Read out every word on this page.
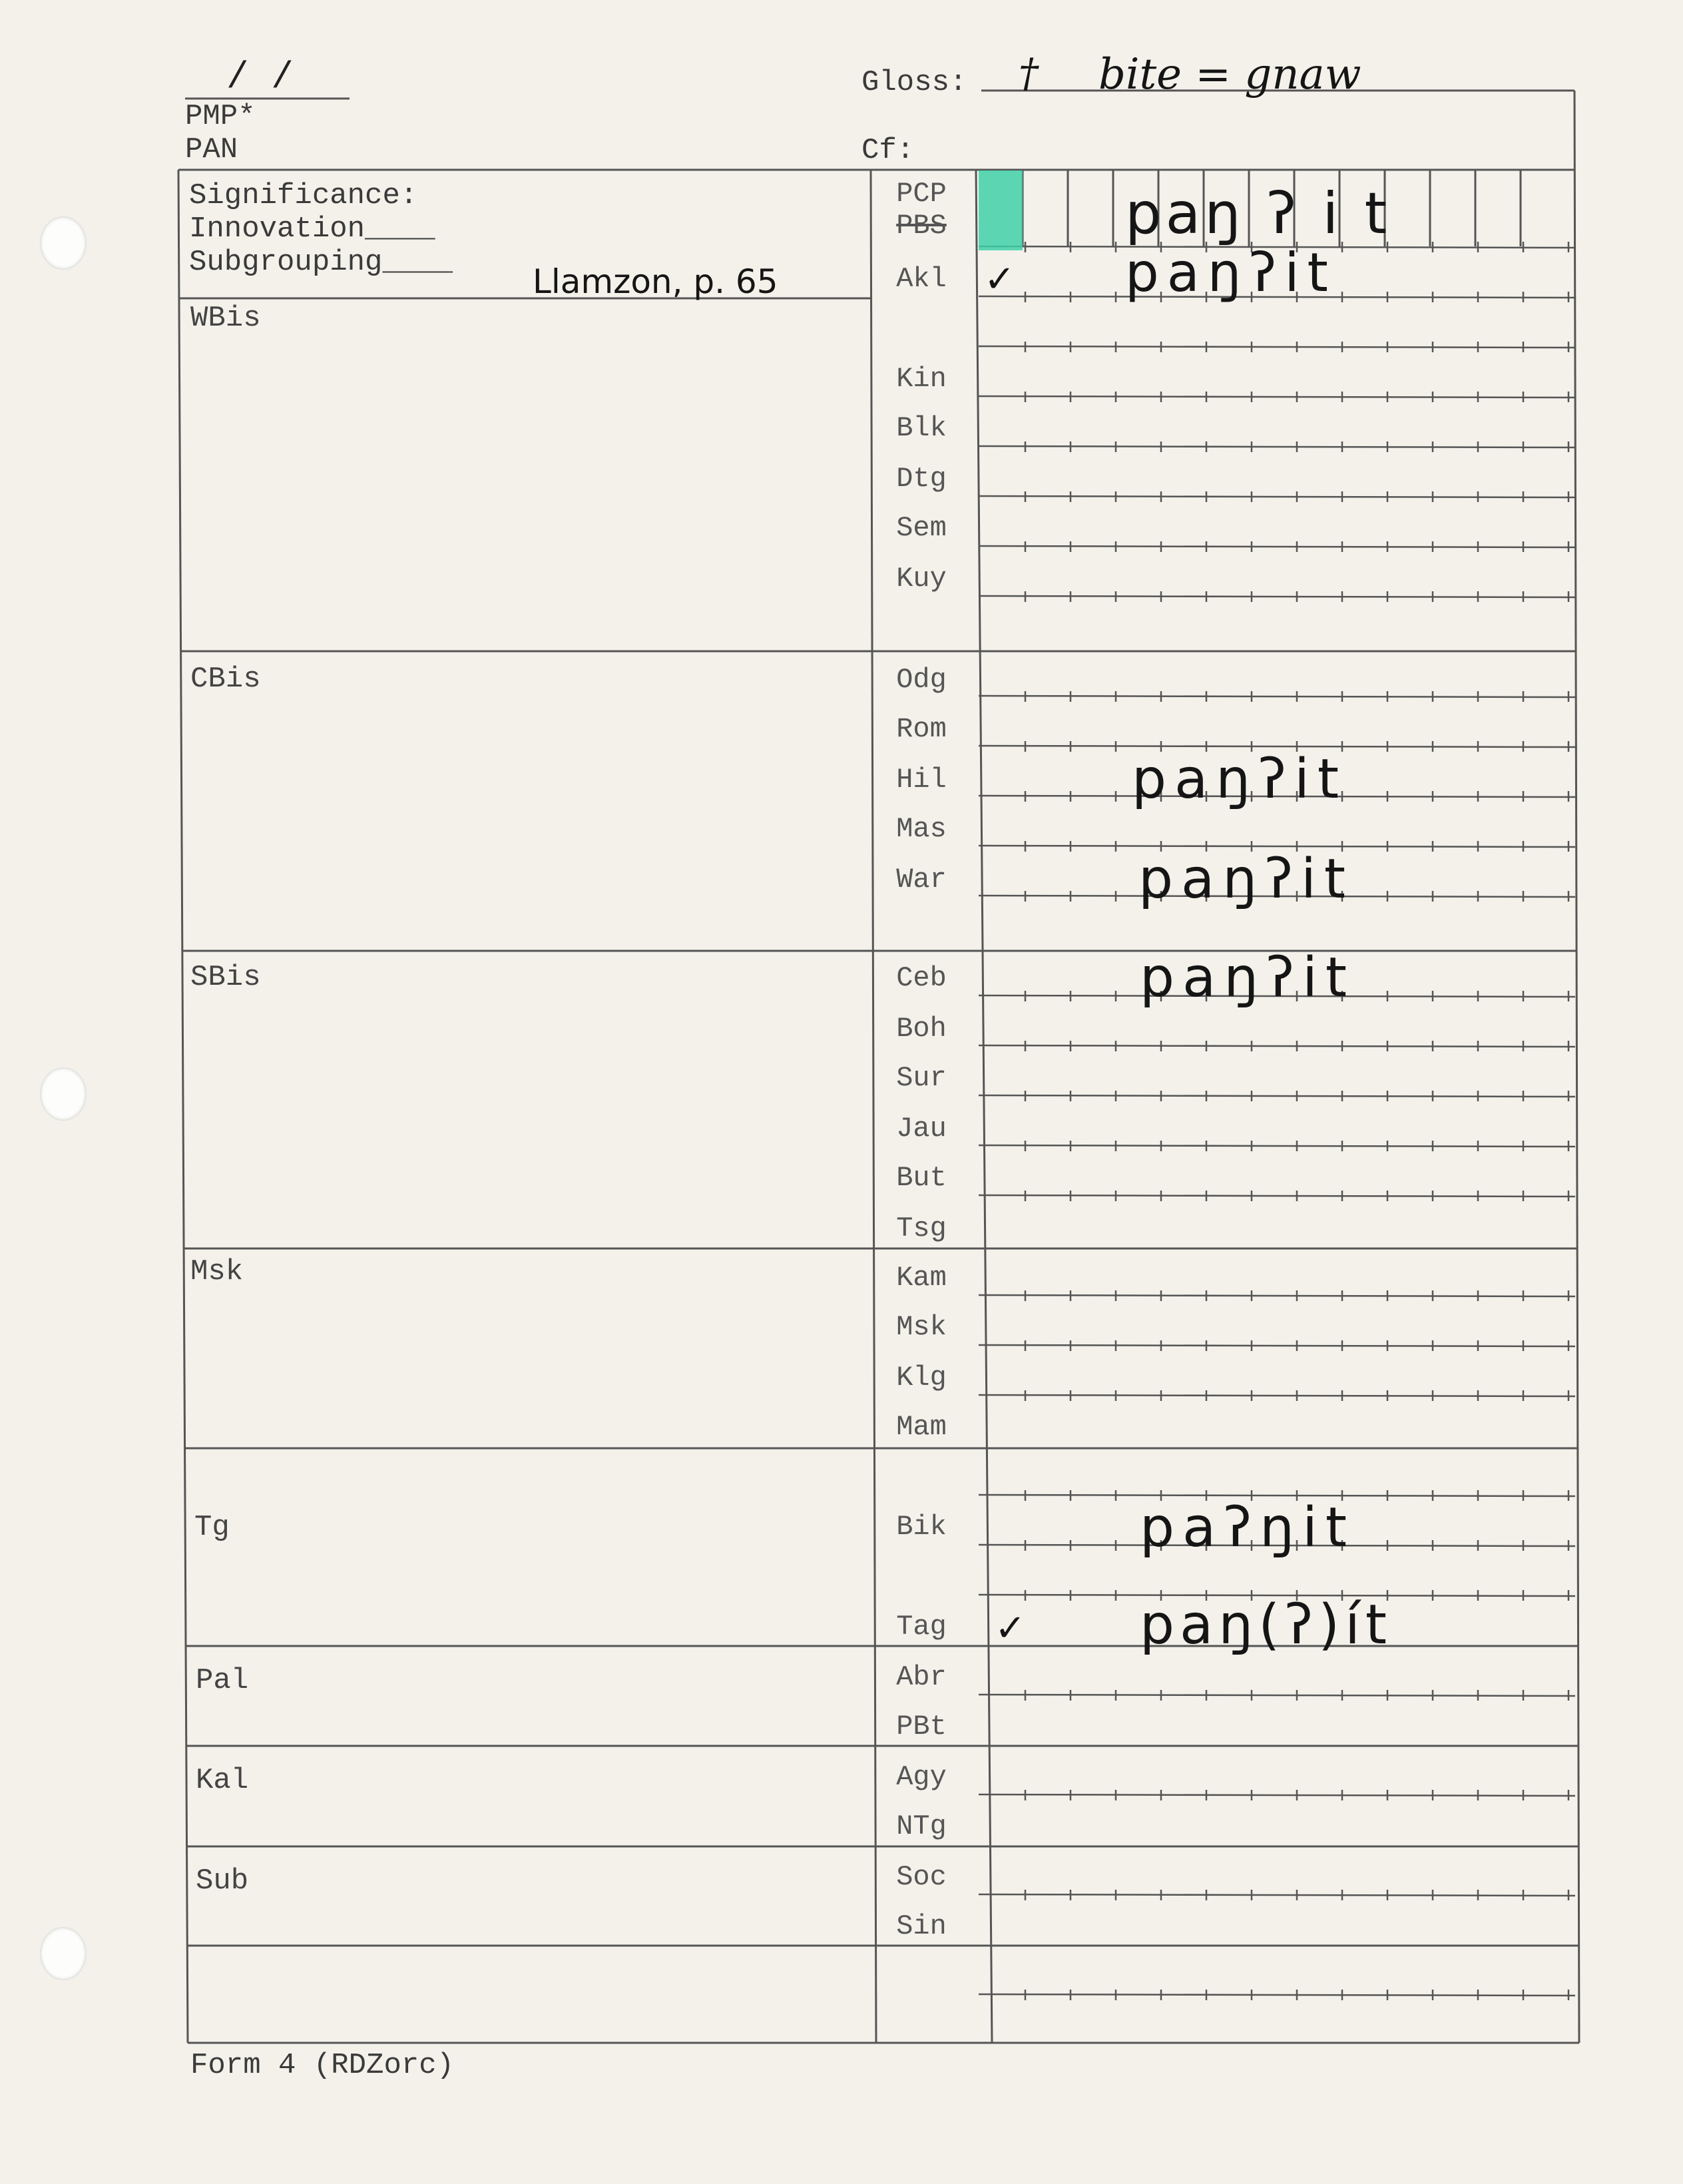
/ /
PMP*
PAN
Gloss: † bite = gnaw
Cf:
Significance:
Innovation____
Subgrouping____ Llamzon, p. 65
WBis
CBis
SBis
Msk
Tg
Pal
Kal
Sub
PCP
PBS
Akl
Kin
Blk
Dtg
Sem
Kuy
Odg
Rom
Hil
Mas
War
Ceb
Boh
Sur
Jau
But
Tsg
Kam
Msk
Klg
Mam
Bik
Tag
Abr
PBt
Agy
NTg
Soc
Sin
paŋ ʔ i t
✓ paŋʔit
paŋʔit
paŋʔit
paŋʔit
paʔŋit
✓ paŋ(ʔ)ít
Form 4 (RDZorc)
